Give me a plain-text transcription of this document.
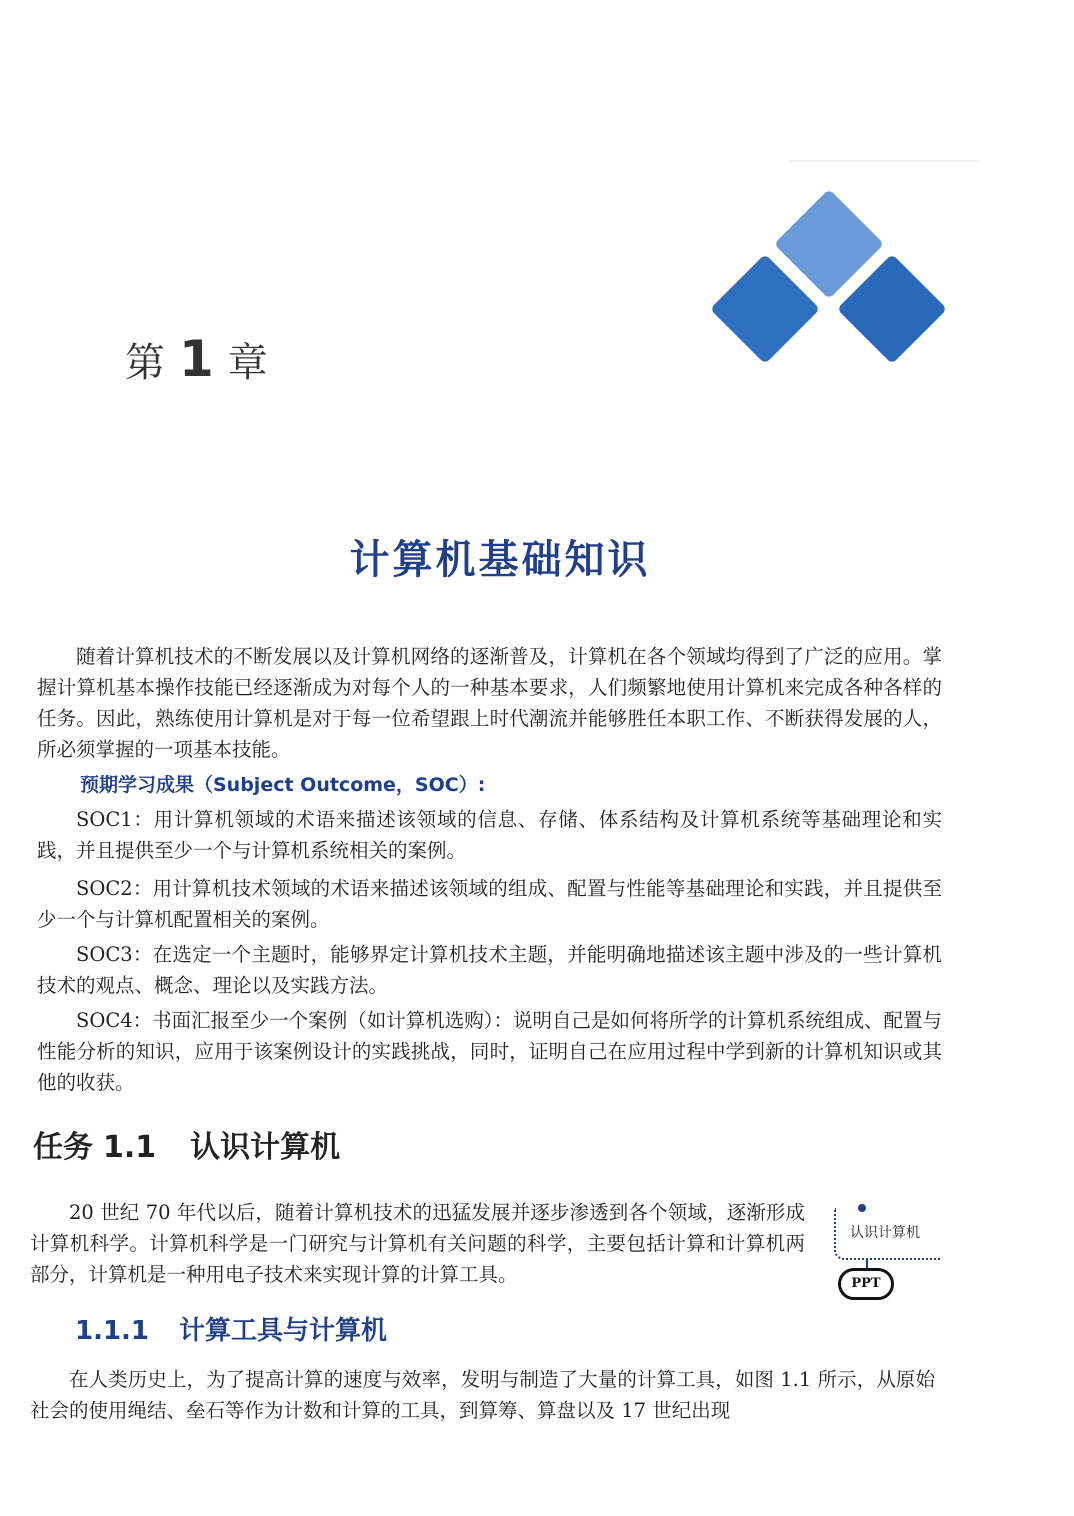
第 1 章
计算机基础知识

随着计算机技术的不断发展以及计算机网络的逐渐普及，计算机在各个领域均得到了广泛的应用。掌握计算机基本操作技能已经逐渐成为对每个人的一种基本要求，人们频繁地使用计算机来完成各种各样的任务。因此，熟练使用计算机是对于每一位希望跟上时代潮流并能够胜任本职工作、不断获得发展的人，所必须掌握的一项基本技能。

预期学习成果（Subject Outcome，SOC）:

SOC1：用计算机领域的术语来描述该领域的信息、存储、体系结构及计算机系统等基础理论和实践，并且提供至少一个与计算机系统相关的案例。

SOC2：用计算机技术领域的术语来描述该领域的组成、配置与性能等基础理论和实践，并且提供至少一个与计算机配置相关的案例。

SOC3：在选定一个主题时，能够界定计算机技术主题，并能明确地描述该主题中涉及的一些计算机技术的观点、概念、理论以及实践方法。

SOC4：书面汇报至少一个案例（如计算机选购）：说明自己是如何将所学的计算机系统组成、配置与性能分析的知识，应用于该案例设计的实践挑战，同时，证明自己在应用过程中学到新的计算机知识或其他的收获。

任务 1.1 认识计算机

20 世纪 70 年代以后，随着计算机技术的迅猛发展并逐步渗透到各个领域，逐渐形成计算机科学。计算机科学是一门研究与计算机有关问题的科学，主要包括计算和计算机两部分，计算机是一种用电子技术来实现计算的计算工具。

认识计算机
PPT
1.1.1 计算工具与计算机

在人类历史上，为了提高计算的速度与效率，发明与制造了大量的计算工具，如图 1.1 所示，从原始社会的使用绳结、垒石等作为计数和计算的工具，到算筹、算盘以及 17 世纪出现
